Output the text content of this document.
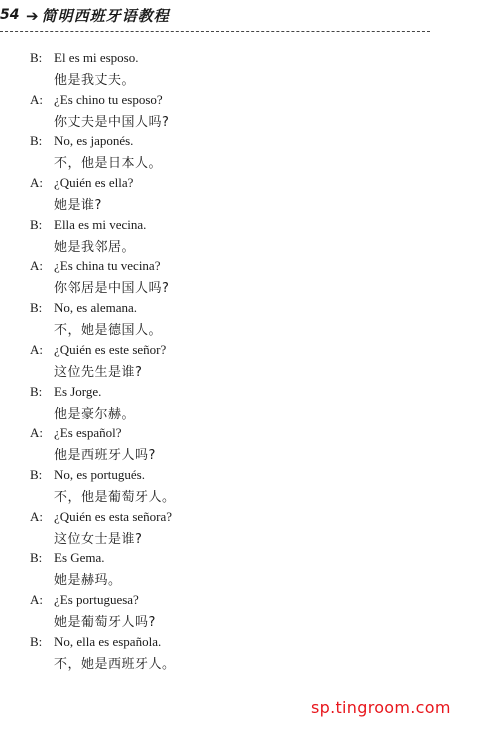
54 ➔ 简明西班牙语教程
B: El es mi esposo.
他是我丈夫。
A: ¿Es chino tu esposo?
你丈夫是中国人吗?
B: No, es japonés.
不，他是日本人。
A: ¿Quién es ella?
她是谁?
B: Ella es mi vecina.
她是我邻居。
A: ¿Es china tu vecina?
你邻居是中国人吗?
B: No, es alemana.
不，她是德国人。
A: ¿Quién es este señor?
这位先生是谁?
B: Es Jorge.
他是豪尔赫。
A: ¿Es español?
他是西班牙人吗?
B: No, es portugués.
不，他是葡萄牙人。
A: ¿Quién es esta señora?
这位女士是谁?
B: Es Gema.
她是赫玛。
A: ¿Es portuguesa?
她是葡萄牙人吗?
B: No, ella es española.
不，她是西班牙人。
sp.tingroom.com
